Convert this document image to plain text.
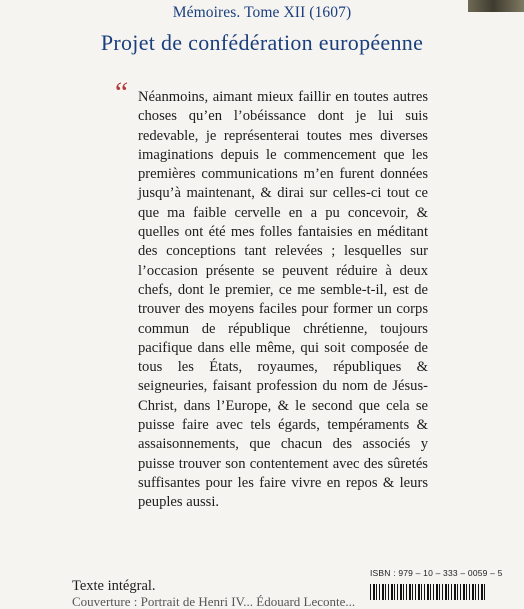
Mémoires. Tome XII (1607)
Projet de confédération européenne
“ Néanmoins, aimant mieux faillir en toutes autres choses qu’en l’obéissance dont je lui suis redevable, je représenterai toutes mes diverses imaginations depuis le commencement que les premières communications m’en furent données jusqu’à maintenant, & dirai sur celles-ci tout ce que ma faible cervelle en a pu concevoir, & quelles ont été mes folles fantaisies en méditant des conceptions tant relevées ; lesquelles sur l’occasion présente se peuvent réduire à deux chefs, dont le premier, ce me semble-t-il, est de trouver des moyens faciles pour former un corps commun de république chrétienne, toujours pacifique dans elle même, qui soit composée de tous les États, royaumes, républiques & seigneuries, faisant profession du nom de Jésus-Christ, dans l’Europe, & le second que cela se puisse faire avec tels égards, tempéraments & assaisonnements, que chacun des associés y puisse trouver son contentement avec des sûretés suffisantes pour les faire vivre en repos & leurs peuples aussi.
Texte intégral.
Couverture : Portrait de Henri IV... Édouard Leconte...
ISBN : 979 – 10 – 333 – 0059 – 5
